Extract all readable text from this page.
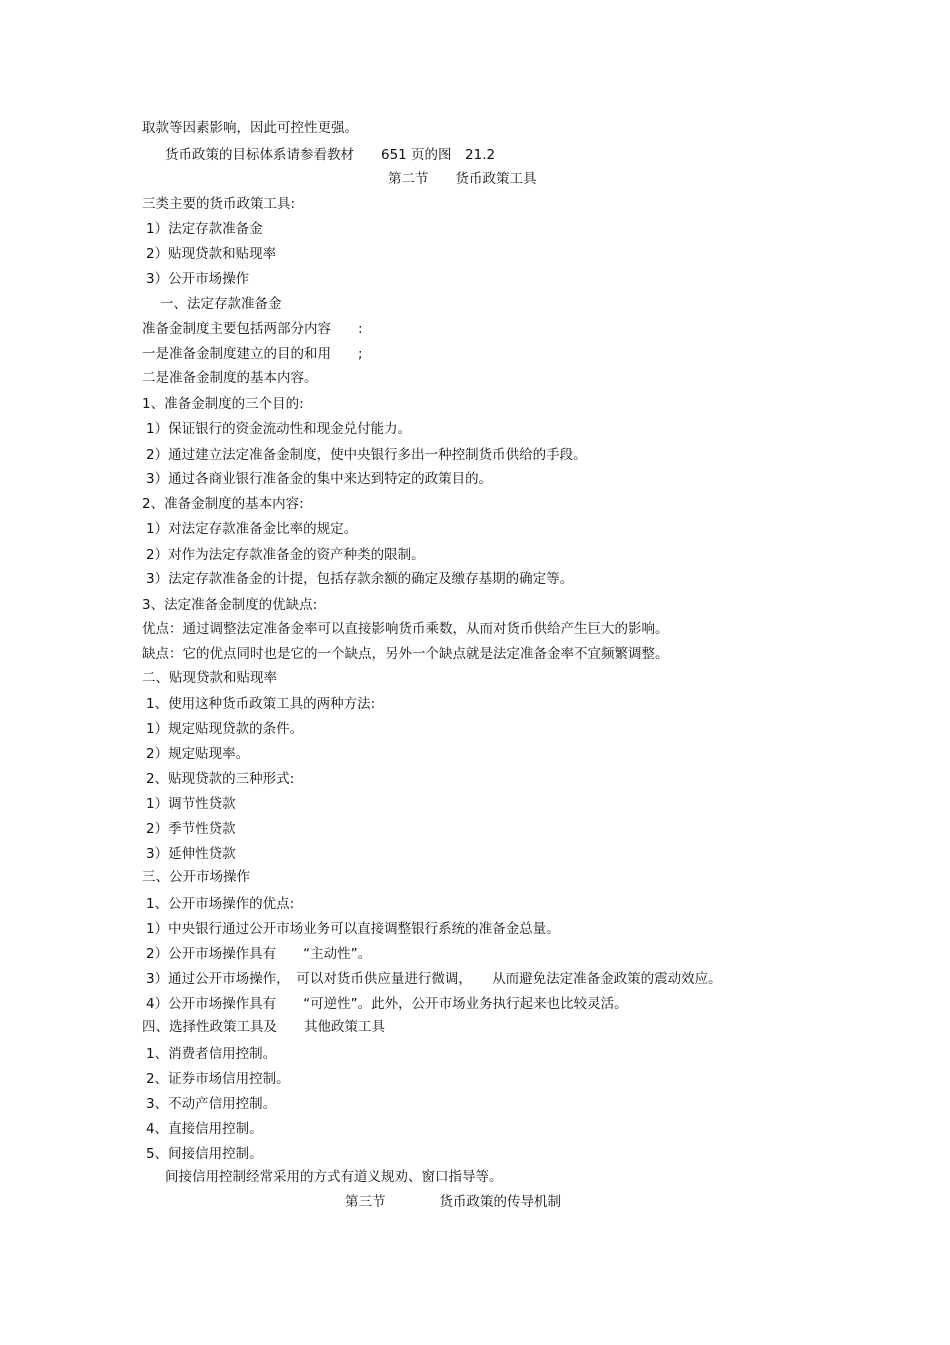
取款等因素影响，因此可控性更强。
货币政策的目标体系请参看教材　　651 页的图　21.2
第二节　　货币政策工具
三类主要的货币政策工具:
1）法定存款准备金
2）贴现贷款和贴现率
3）公开市场操作
一、法定存款准备金
准备金制度主要包括两部分内容　　:
一是准备金制度建立的目的和用　　;
二是准备金制度的基本内容。
1、准备金制度的三个目的:
1）保证银行的资金流动性和现金兑付能力。
2）通过建立法定准备金制度，使中央银行多出一种控制货币供给的手段。
3）通过各商业银行准备金的集中来达到特定的政策目的。
2、准备金制度的基本内容:
1）对法定存款准备金比率的规定。
2）对作为法定存款准备金的资产种类的限制。
3）法定存款准备金的计提，包括存款余额的确定及缴存基期的确定等。
3、法定准备金制度的优缺点:
优点：通过调整法定准备金率可以直接影响货币乘数，从而对货币供给产生巨大的影响。
缺点：它的优点同时也是它的一个缺点，另外一个缺点就是法定准备金率不宜频繁调整。
二、贴现贷款和贴现率
1、使用这种货币政策工具的两种方法:
1）规定贴现贷款的条件。
2）规定贴现率。
2、贴现贷款的三种形式:
1）调节性贷款
2）季节性贷款
3）延伸性贷款
三、公开市场操作
1、公开市场操作的优点:
1）中央银行通过公开市场业务可以直接调整银行系统的准备金总量。
2）公开市场操作具有　　“主动性”。
3）通过公开市场操作，　可以对货币供应量进行微调，　　从而避免法定准备金政策的震动效应。
4）公开市场操作具有　　“可逆性”。此外，公开市场业务执行起来也比较灵活。
四、选择性政策工具及　　其他政策工具
1、消费者信用控制。
2、证券市场信用控制。
3、不动产信用控制。
4、直接信用控制。
5、间接信用控制。
间接信用控制经常采用的方式有道义规劝、窗口指导等。
第三节　　　　货币政策的传导机制
